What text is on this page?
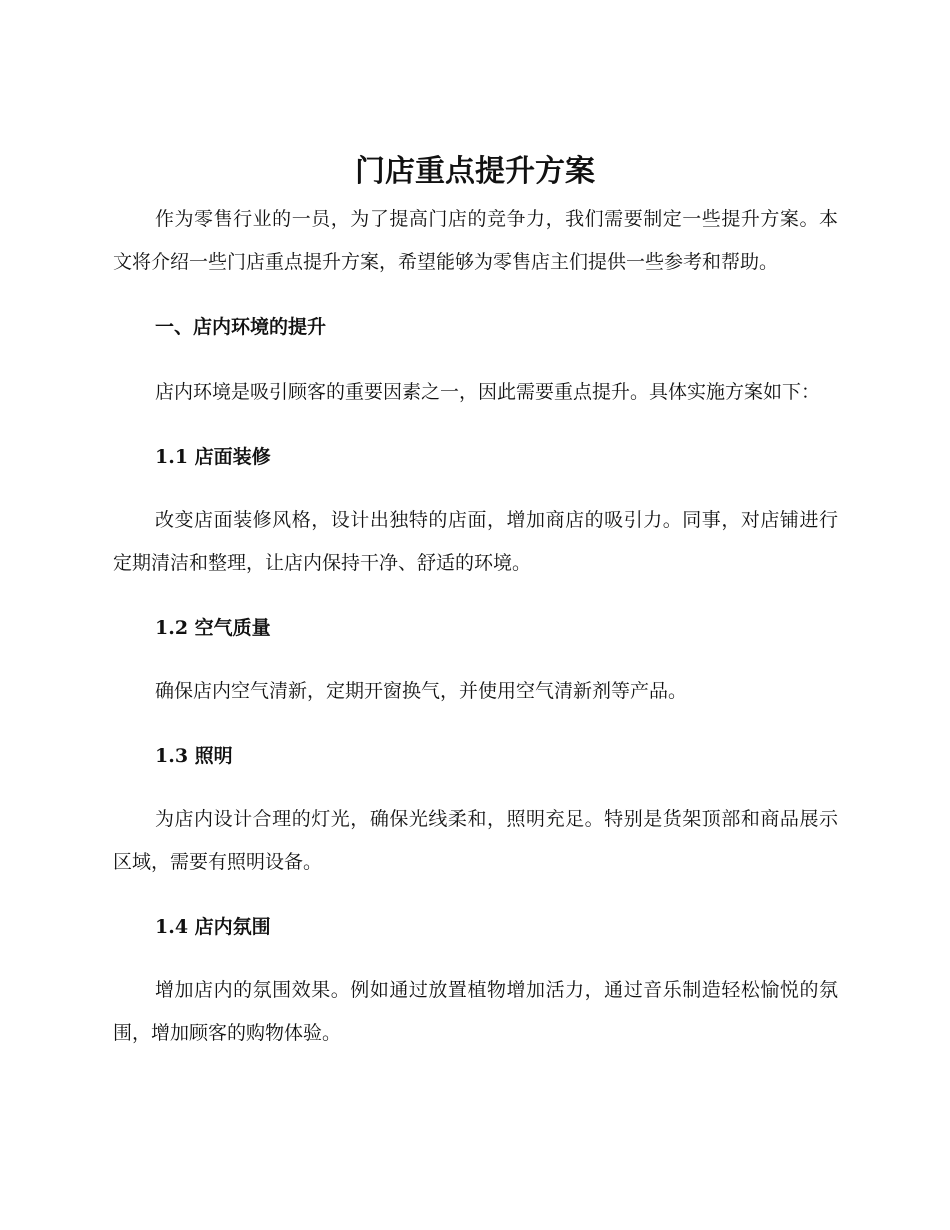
门店重点提升方案

作为零售行业的一员，为了提高门店的竞争力，我们需要制定一些提升方案。本文将介绍一些门店重点提升方案，希望能够为零售店主们提供一些参考和帮助。

一、店内环境的提升

店内环境是吸引顾客的重要因素之一，因此需要重点提升。具体实施方案如下：

1.1 店面装修

改变店面装修风格，设计出独特的店面，增加商店的吸引力。同事，对店铺进行定期清洁和整理，让店内保持干净、舒适的环境。

1.2 空气质量

确保店内空气清新，定期开窗换气，并使用空气清新剂等产品。

1.3 照明

为店内设计合理的灯光，确保光线柔和，照明充足。特别是货架顶部和商品展示区域，需要有照明设备。

1.4 店内氛围

增加店内的氛围效果。例如通过放置植物增加活力，通过音乐制造轻松愉悦的氛围，增加顾客的购物体验。
